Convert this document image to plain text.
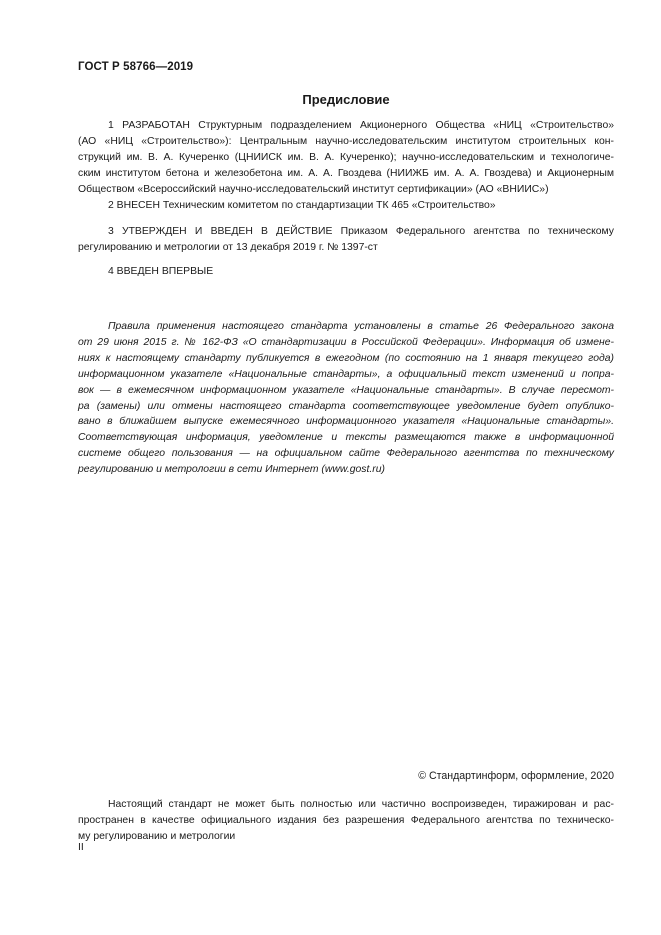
ГОСТ Р 58766—2019
Предисловие
1 РАЗРАБОТАН Структурным подразделением Акционерного Общества «НИЦ «Строительство»
(АО «НИЦ «Строительство»): Центральным научно-исследовательским институтом строительных кон-
струкций им. В. А. Кучеренко (ЦНИИСК им. В. А. Кучеренко); научно-исследовательским и технологиче-
ским институтом бетона и железобетона им. А. А. Гвоздева (НИИЖБ им. А. А. Гвоздева) и Акционерным
Обществом «Всероссийский научно-исследовательский институт сертификации» (АО «ВНИИС»)
2 ВНЕСЕН Техническим комитетом по стандартизации ТК 465 «Строительство»
3 УТВЕРЖДЕН И ВВЕДЕН В ДЕЙСТВИЕ Приказом Федерального агентства по техническому
регулированию и метрологии от 13 декабря 2019 г. № 1397-ст
4 ВВЕДЕН ВПЕРВЫЕ
Правила применения настоящего стандарта установлены в статье 26 Федерального закона
от 29 июня 2015 г. № 162-ФЗ «О стандартизации в Российской Федерации». Информация об измене-
ниях к настоящему стандарту публикуется в ежегодном (по состоянию на 1 января текущего года)
информационном указателе «Национальные стандарты», а официальный текст изменений и попра-
вок — в ежемесячном информационном указателе «Национальные стандарты». В случае пересмот-
ра (замены) или отмены настоящего стандарта соответствующее уведомление будет опублико-
вано в ближайшем выпуске ежемесячного информационного указателя «Национальные стандарты».
Соответствующая информация, уведомление и тексты размещаются также в информационной
системе общего пользования — на официальном сайте Федерального агентства по техническому
регулированию и метрологии в сети Интернет (www.gost.ru)
© Стандартинформ, оформление, 2020
Настоящий стандарт не может быть полностью или частично воспроизведен, тиражирован и рас-
пространен в качестве официального издания без разрешения Федерального агентства по техническо-
му регулированию и метрологии
II
